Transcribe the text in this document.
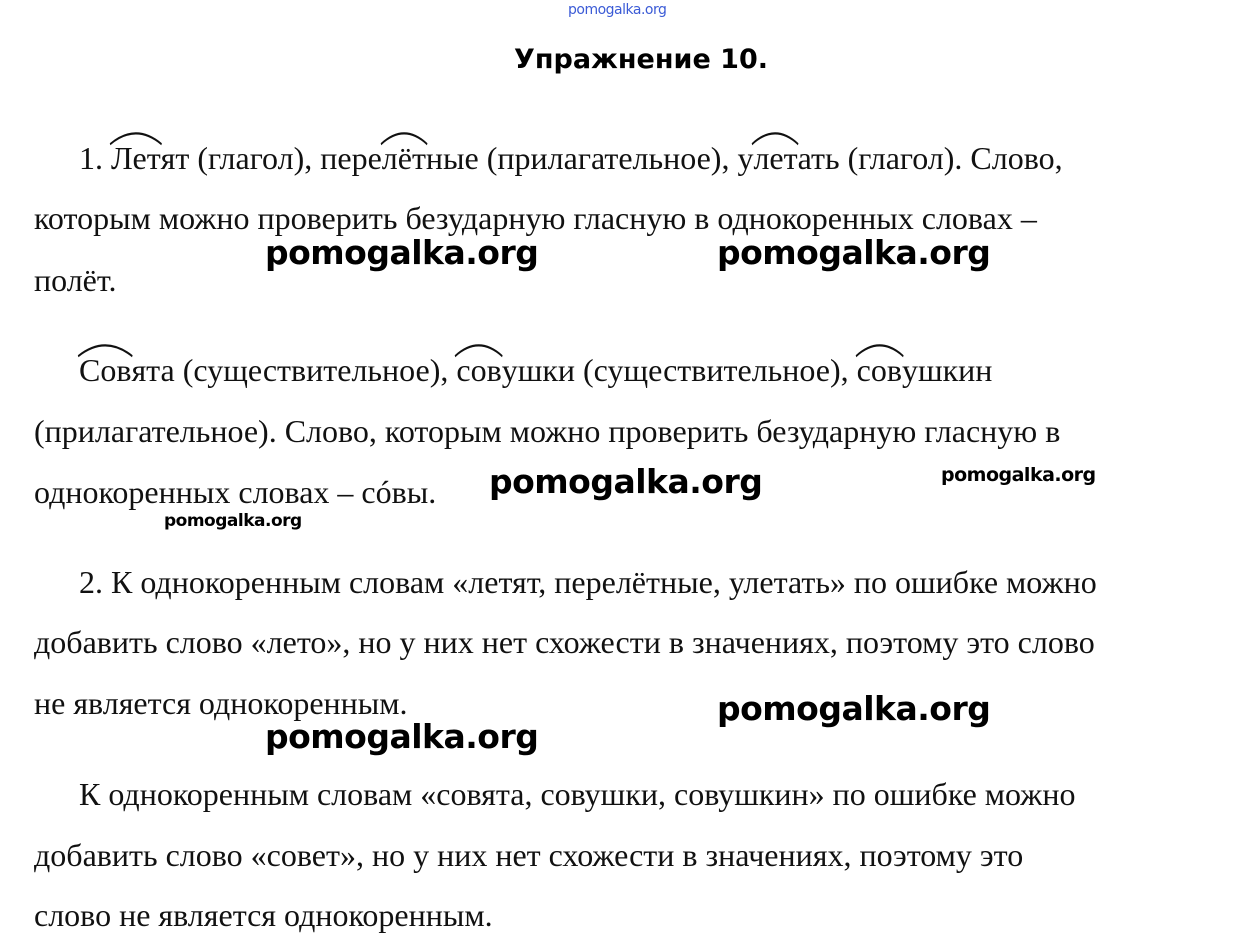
pomogalka.org
Упражнение 10.
1. Летят (глагол), пере
лётные (прилагательное), у
летать (глагол). Слово,
которым можно проверить безударную гласную в однокоренных словах –
полёт.
Совята (существительное),
совушки (существительное),
совушкин
(прилагательное). Слово, которым можно проверить безударную гласную в
однокоренных словах – сóвы.
2. К однокоренным словам «летят, перелётные, улетать» по ошибке можно
добавить слово «лето», но у них нет схожести в значениях, поэтому это слово
не является однокоренным.
К однокоренным словам «совята, совушки, совушкин» по ошибке можно
добавить слово «совет», но у них нет схожести в значениях, поэтому это
слово не является однокоренным.
pomogalka.org	pomogalka.org
pomogalka.org	pomogalka.org
pomogalka.org
pomogalka.org
pomogalka.org
